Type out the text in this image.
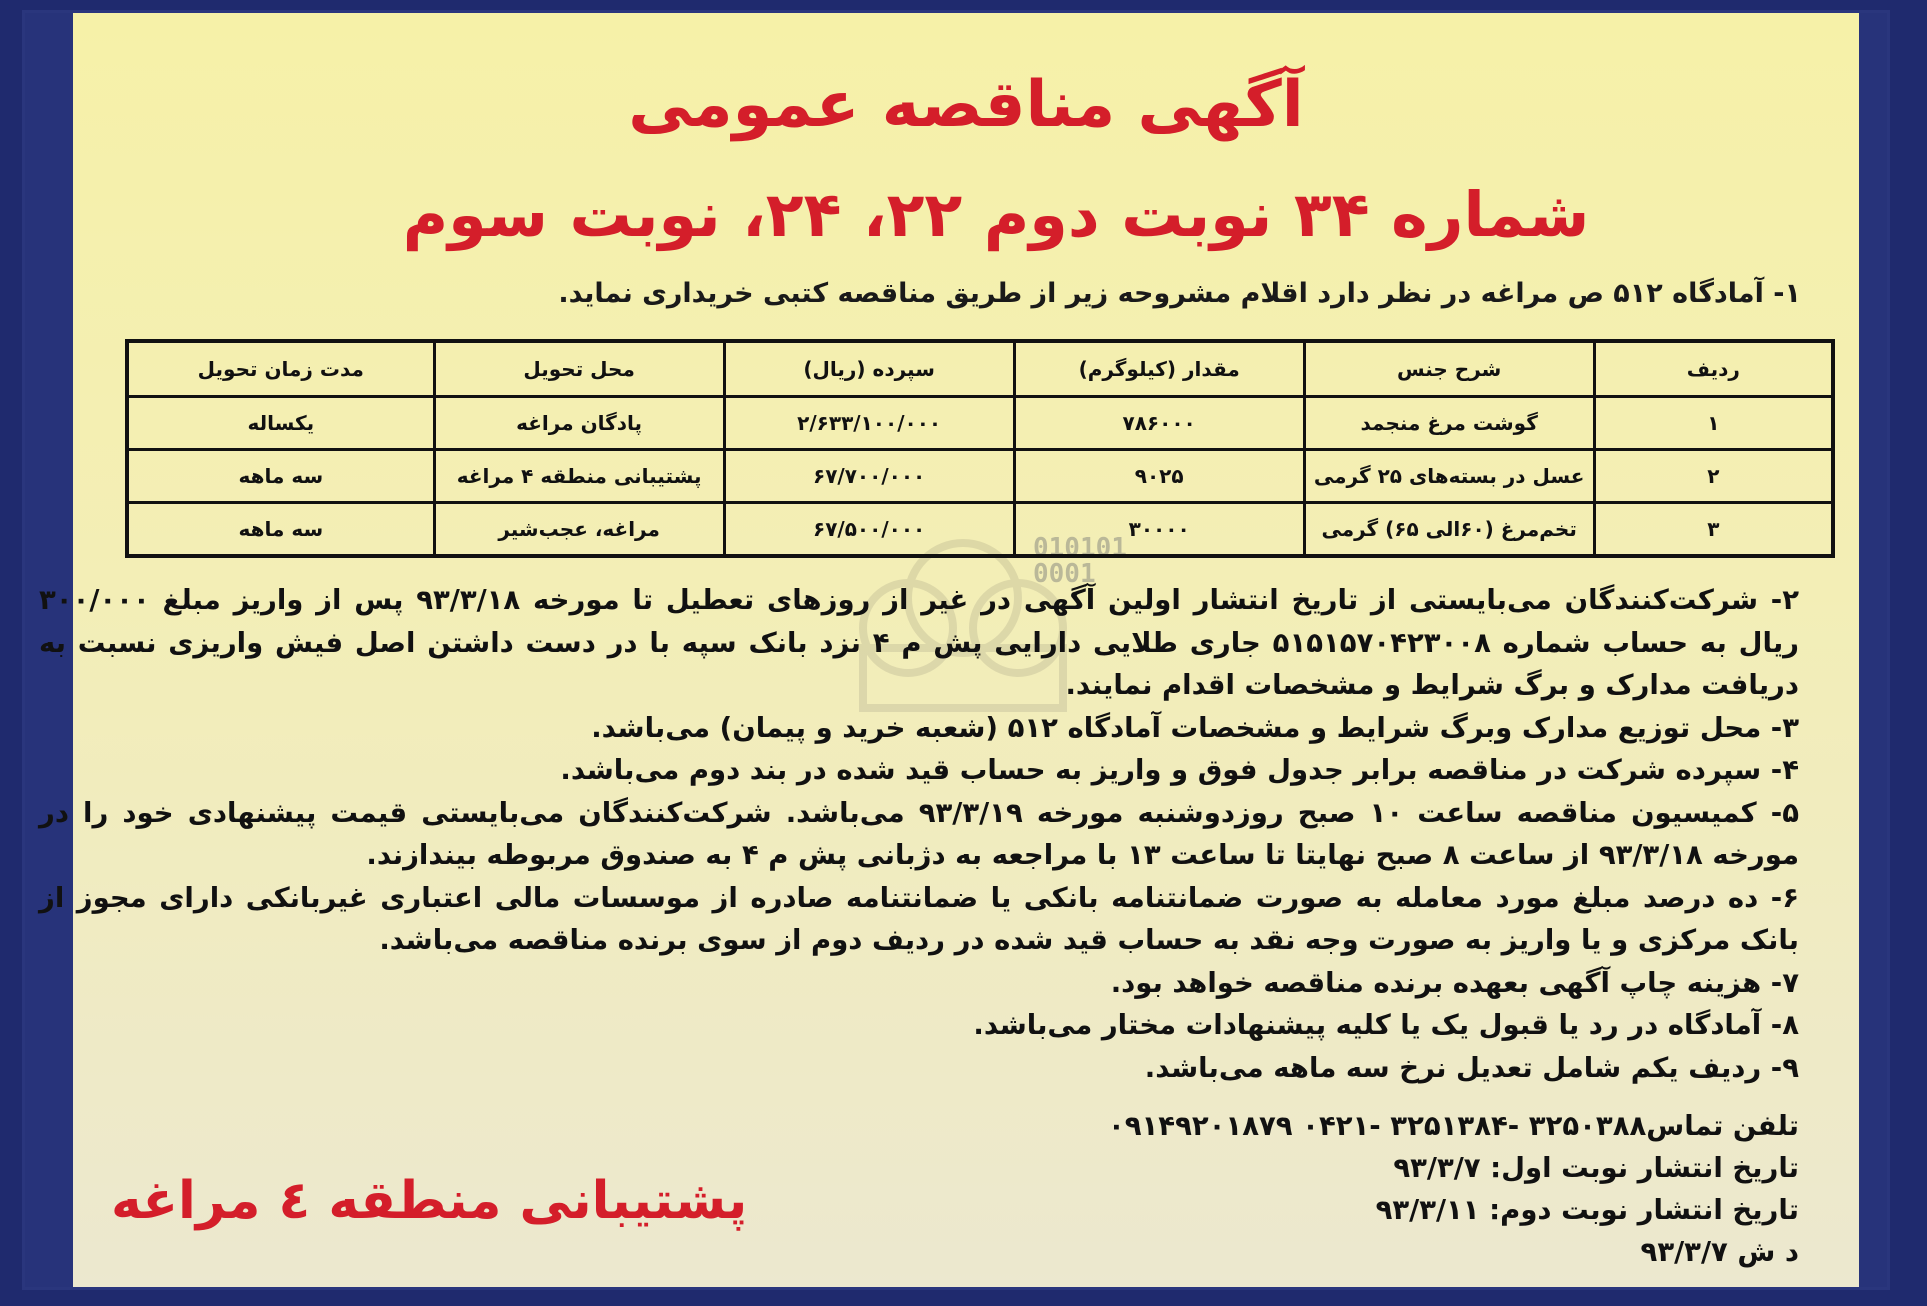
010101
0001
آگهی مناقصه عمومی
شماره ۳۴ نوبت دوم ۲۲، ۲۴، نوبت سوم
۱- آمادگاه ۵۱۲ ص مراغه در نظر دارد اقلام مشروحه زیر از طریق مناقصه کتبی خریداری نماید.
ردیف	شرح جنس	مقدار (کیلوگرم)	سپرده (ریال)	محل تحویل	مدت زمان تحویل
۱	گوشت مرغ منجمد	۷۸۶۰۰۰	۲/۶۳۳/۱۰۰/۰۰۰	پادگان مراغه	یکساله
۲	عسل در بسته‌های ۲۵ گرمی	۹۰۲۵	۶۷/۷۰۰/۰۰۰	پشتیبانی منطقه ۴ مراغه	سه ماهه
۳	تخم‌مرغ (۶۰الی ۶۵) گرمی	۳۰۰۰۰	۶۷/۵۰۰/۰۰۰	مراغه، عجب‌شیر	سه ماهه

۲- شرکت‌کنندگان می‌بایستی از تاریخ انتشار اولین آگهی در غیر از روزهای تعطیل تا مورخه ۹۳/۳/۱۸ پس از واریز مبلغ ۳۰۰/۰۰۰ ریال به حساب شماره ۵۱۵۱۵۷۰۴۲۳۰۰۸ جاری طلایی دارایی پش م ۴ نزد بانک سپه با در دست داشتن اصل فیش واریزی نسبت به دریافت مدارک و برگ شرایط و مشخصات اقدام نمایند.

۳- محل توزیع مدارک وبرگ شرایط و مشخصات آمادگاه ۵۱۲ (شعبه خرید و پیمان) می‌باشد.

۴- سپرده شرکت در مناقصه برابر جدول فوق و واریز به حساب قید شده در بند دوم می‌باشد.

۵- کمیسیون مناقصه ساعت ۱۰ صبح روزدوشنبه مورخه ۹۳/۳/۱۹ می‌باشد. شرکت‌کنندگان می‌بایستی قیمت پیشنهادی خود را در مورخه ۹۳/۳/۱۸ از ساعت ۸ صبح نهایتا تا ساعت ۱۳ با مراجعه به دژبانی پش م ۴ به صندوق مربوطه بیندازند.

۶- ده درصد مبلغ مورد معامله به صورت ضمانتنامه بانکی یا ضمانتنامه صادره از موسسات مالی اعتباری غیربانکی دارای مجوز از بانک مرکزی و یا واریز به صورت وجه نقد به حساب قید شده در ردیف دوم از سوی برنده مناقصه می‌باشد.

۷- هزینه چاپ آگهی بعهده برنده مناقصه خواهد بود.

۸- آمادگاه در رد یا قبول یک یا کلیه پیشنهادات مختار می‌باشد.

۹- ردیف یکم شامل تعدیل نرخ سه ماهه می‌باشد.

تلفن تماس۳۲۵۰۳۸۸ -۳۲۵۱۳۸۴ -۰۴۲۱ ۰۹۱۴۹۲۰۱۸۷۹
تاریخ انتشار نوبت اول: ۹۳/۳/۷
تاریخ انتشار نوبت دوم: ۹۳/۳/۱۱
د ش ۹۳/۳/۷
پشتیبانی منطقه ٤ مراغه
